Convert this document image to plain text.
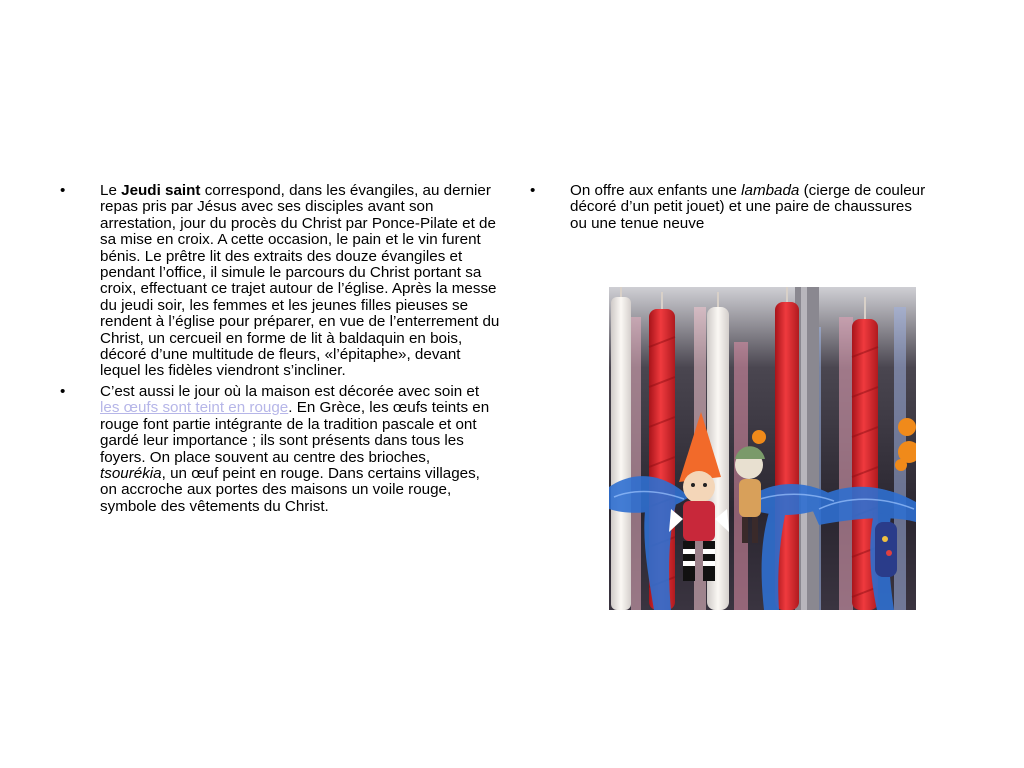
• Le Jeudi saint correspond, dans les évangiles, au dernier repas pris par Jésus avec ses disciples avant son arrestation, jour du procès du Christ par Ponce-Pilate et de sa mise en croix. A cette occasion, le pain et le vin furent bénis. Le prêtre lit des extraits des douze évangiles et pendant l’office, il simule le parcours du Christ portant sa croix, effectuant ce trajet autour de l’église. Après la messe du jeudi soir, les femmes et les jeunes filles pieuses se rendent à l’église pour préparer, en vue de l’enterrement du Christ, un cercueil en forme de lit à baldaquin en bois, décoré d’une multitude de fleurs, «l’épitaphe», devant lequel les fidèles viendront s’incliner.
• C’est aussi le jour où la maison est décorée avec soin et les œufs sont teint en rouge. En Grèce, les œufs teints en rouge font partie intégrante de la tradition pascale et ont gardé leur importance ; ils sont présents dans tous les foyers. On place souvent au centre des brioches, tsourékia, un œuf peint en rouge. Dans certains villages, on accroche aux portes des maisons un voile rouge, symbole des vêtements du Christ.
• On offre aux enfants une lambada (cierge de couleur décoré d’un petit jouet) et une paire de chaussures ou une tenue neuve
